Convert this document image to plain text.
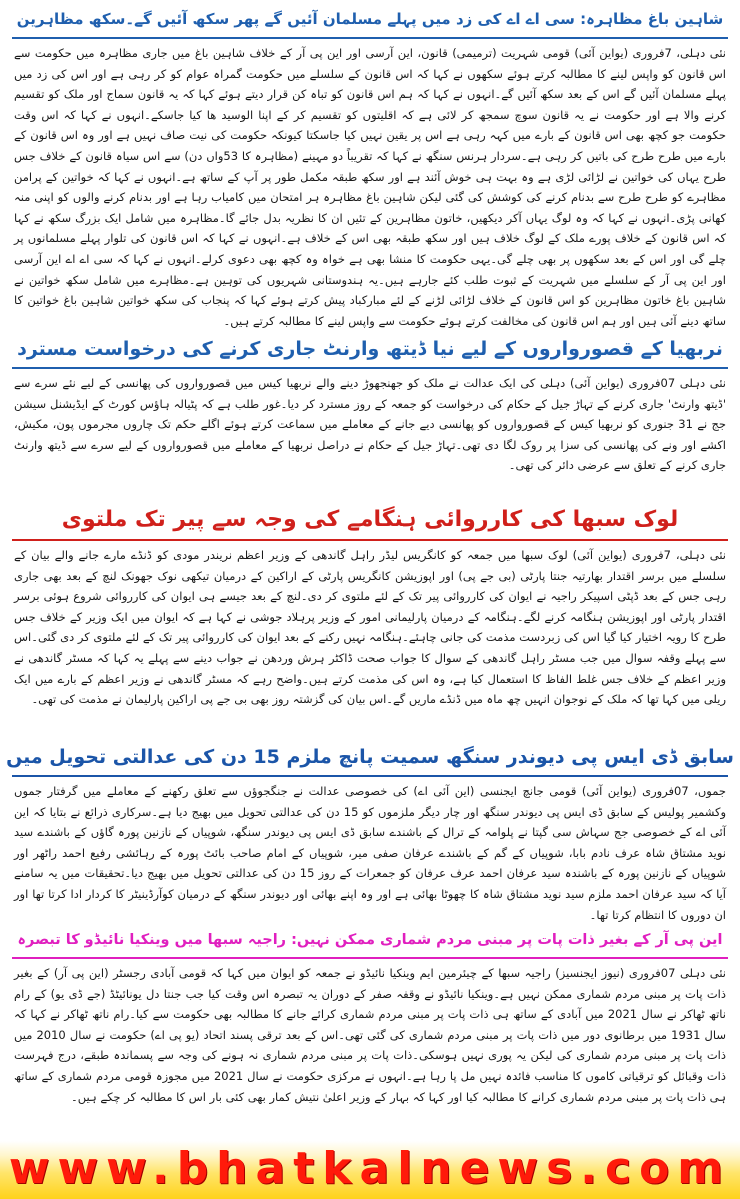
شاہین باغ مظاہرہ: سی اے اے کی زد میں پہلے مسلمان آئیں گے پھر سکھ آئیں گے۔سکھ مظاہرین
نئی دہلی، 7فروری (یواین آئی) قومی شہریت (ترمیمی) قانون، این آرسی اور این پی آر کے خلاف شاہین باغ میں جاری مظاہرہ میں حکومت سے اس قانون کو واپس لینے کا مطالبہ کرتے ہوئے سکھوں نے کہا کہ اس قانون کے سلسلے میں حکومت گمراہ عوام کو کر رہی ہے اور اس کی زد میں پہلے مسلمان آئیں گے اس کے بعد سکھ آئیں گے۔انہوں نے کہا کہ ہم اس قانون کو تباہ کن قرار دیتے ہوئے کہا کہ یہ قانون سماج اور ملک کو تقسیم کرنے والا ہے اور حکومت نے یہ قانون سوچ سمجھ کر لائی ہے کہ اقلیتوں کو تقسیم کر کے اپنا الوسید ھا کیا جاسکے۔انہوں نے کہا کہ اس وقت حکومت جو کچھ بھی اس قانون کے بارے میں کہہ رہی ہے اس پر یقین نہیں کیا جاسکتا کیونکہ حکومت کی نیت صاف نہیں ہے اور وہ اس قانون کے بارے میں طرح طرح کی باتیں کر رہی ہے۔سردار ہرنس سنگھ نے کہا کہ تقریباً دو مہینے (مظاہرہ کا 53واں دن) سے اس سیاہ قانون کے خلاف جس طرح یہاں کی خواتین نے لڑائی لڑی ہے وہ بہت ہی خوش آئند ہے اور سکھ طبقہ مکمل طور پر آپ کے ساتھ ہے۔انہوں نے کہا کہ خواتین کے پرامن مظاہرے کو طرح طرح سے بدنام کرنے کی کوشش کی گئی لیکن شاہین باغ مظاہرہ ہر امتحان میں کامیاب رہا ہے اور بدنام کرنے والوں کو اپنی منہ کھانی پڑی۔انہوں نے کہا کہ وہ لوگ یہاں آکر دیکھیں، خاتون مظاہرین کے تئیں ان کا نظریہ بدل جائے گا۔مظاہرہ میں شامل ایک بزرگ سکھ نے کہا کہ اس قانون کے خلاف پورے ملک کے لوگ خلاف ہیں اور سکھ طبقہ بھی اس کے خلاف ہے۔انہوں نے کہا کہ اس قانون کی تلوار پہلے مسلمانوں پر چلے گی اور اس کے بعد سکھوں پر بھی چلے گی۔یہی حکومت کا منشا بھی ہے خواہ وہ کچھ بھی دعوی کرلے۔انہوں نے کہا کہ سی اے اے این آرسی اور این پی آر کے سلسلے میں شہریت کے ثبوت طلب کئے جارہے ہیں۔یہ ہندوستانی شہریوں کی توہین ہے۔مظاہرے میں شامل سکھ خواتین نے شاہین باغ خاتون مظاہرین کو اس قانون کے خلاف لڑائی لڑنے کے لئے مبارکباد پیش کرتے ہوئے کہا کہ پنجاب کی سکھ خواتین شاہین باغ خواتین کا ساتھ دینے آئی ہیں اور ہم اس قانون کی مخالفت کرتے ہوئے حکومت سے واپس لینے کا مطالبہ کرتے ہیں۔
نربھیا کے قصورواروں کے لیے نیا ڈیتھ وارنٹ جاری کرنے کی درخواست مسترد
نئی دہلی 07فروری (یواین آئی) دہلی کی ایک عدالت نے ملک کو جھنجھوڑ دینے والے نربھیا کیس میں قصورواروں کی پھانسی کے لیے نئے سرے سے 'ڈیتھ وارنٹ' جاری کرنے کے تہاڑ جیل کے حکام کی درخواست کو جمعہ کے روز مسترد کر دیا۔غور طلب ہے کہ پٹیالہ ہاؤس کورٹ کے ایڈیشنل سیشن جج نے 31 جنوری کو نربھیا کیس کے قصورواروں کو پھانسی دیے جانے کے معاملے میں سماعت کرتے ہوئے اگلے حکم تک چاروں مجرموں پون، مکیش، اکشے اور ونے کی پھانسی کی سزا پر روک لگا دی تھی۔تہاڑ جیل کے حکام نے دراصل نربھیا کے معاملے میں قصورواروں کے لیے سرے سے ڈیتھ وارنٹ جاری کرنے کے تعلق سے عرضی دائر کی تھی۔
لوک سبھا کی کارروائی ہنگامے کی وجہ سے پیر تک ملتوی
نئی دہلی، 7فروری (یواین آئی) لوک سبھا میں جمعہ کو کانگریس لیڈر راہل گاندھی کے وزیر اعظم نریندر مودی کو ڈنڈے مارے جانے والے بیان کے سلسلے میں برسر اقتدار بھارتیہ جنتا پارٹی (بی جے پی) اور اپوزیشن کانگریس پارٹی کے اراکین کے درمیان تیکھی نوک جھونک لنچ کے بعد بھی جاری رہی جس کے بعد ڈپٹی اسپیکر راجیہ نے ایوان کی کارروائی پیر تک کے لئے ملتوی کر دی۔لنچ کے بعد جیسے ہی ایوان کی کارروائی شروع ہوئی برسر اقتدار پارٹی اور اپوزیشن ہنگامہ کرنے لگے۔ہنگامہ کے درمیان پارلیمانی امور کے وزیر پرہلاد جوشی نے کہا ہے کہ ایوان میں ایک وزیر کے خلاف جس طرح کا رویہ اختیار کیا گیا اس کی زبردست مذمت کی جانی چاہئے۔ہنگامہ نہیں رکنے کے بعد ایوان کی کارروائی پیر تک کے لئے ملتوی کر دی گئی۔اس سے پہلے وقفہ سوال میں جب مسٹر راہل گاندھی کے سوال کا جواب صحت ڈاکٹر ہرش وردھن نے جواب دینے سے پہلے یہ کہا کہ مسٹر گاندھی نے وزیر اعظم کے خلاف جس غلط الفاظ کا استعمال کیا ہے، وہ اس کی مذمت کرتے ہیں۔واضح رہے کہ مسٹر گاندھی نے وزیر اعظم کے بارے میں ایک ریلی میں کہا تھا کہ ملک کے نوجوان انہیں چھ ماہ میں ڈنڈے ماریں گے۔اس بیان کی گزشتہ روز بھی بی جے پی اراکین پارلیمان نے مذمت کی تھی۔
سابق ڈی ایس پی دیوندر سنگھ سمیت پانچ ملزم 15 دن کی عدالتی تحویل میں
جموں، 07فروری (یواین آئی) قومی جانچ ایجنسی (این آئی اے) کی خصوصی عدالت نے جنگجوؤں سے تعلق رکھنے کے معاملے میں گرفتار جموں وکشمیر پولیس کے سابق ڈی ایس پی دیوندر سنگھ اور چار دیگر ملزموں کو 15 دن کی عدالتی تحویل میں بھیج دیا ہے۔سرکاری ذرائع نے بتایا کہ این آئی اے کے خصوصی جج سہاش سی گپتا نے پلوامہ کے ترال کے باشندے سابق ڈی ایس پی دیوندر سنگھ، شوپیاں کے نازنین پورہ گاؤں کے باشندے سید نوید مشتاق شاہ عرف نادم بابا، شوپیاں کے گم کے باشندے عرفان صفی میر، شوپیاں کے امام صاحب بائٹ پورہ کے رہائشی رفیع احمد راٹھر اور شوپیاں کے نازنین پورہ کے باشندہ سید عرفان احمد عرف عرفان کو جمعرات کے روز 15 دن کی عدالتی تحویل میں بھیج دیا۔تحقیقات میں یہ سامنے آیا کہ سید عرفان احمد ملزم سید نوید مشتاق شاہ کا چھوٹا بھائی ہے اور وہ اپنے بھائی اور دیوندر سنگھ کے درمیان کوآرڈینیٹر کا کردار ادا کرتا تھا اور ان دوروں کا انتظام کرتا تھا۔
این پی آر کے بغیر ذات پات پر مبنی مردم شماری ممکن نہیں: راجیہ سبھا میں وینکیا نائیڈو کا تبصرہ
نئی دہلی 07فروری (نیوز ایجنسیز) راجیہ سبھا کے چیئرمین ایم وینکیا نائیڈو نے جمعہ کو ایوان میں کہا کہ قومی آبادی رجسٹر (این پی آر) کے بغیر ذات پات پر مبنی مردم شماری ممکن نہیں ہے۔وینکیا نائیڈو نے وقفہ صفر کے دوران یہ تبصرہ اس وقت کیا جب جنتا دل یونائیٹڈ (جے ڈی یو) کے رام ناتھ ٹھاکر نے سال 2021 میں آبادی کے ساتھ ہی ذات پات پر مبنی مردم شماری کرائے جانے کا مطالبہ بھی حکومت سے کیا۔رام ناتھ ٹھاکر نے کہا کہ سال 1931 میں برطانوی دور میں ذات پات پر مبنی مردم شماری کی گئی تھی۔اس کے بعد ترقی پسند اتحاد (یو پی اے) حکومت نے سال 2010 میں ذات پات پر مبنی مردم شماری کی لیکن یہ پوری نہیں ہوسکی۔ذات پات پر مبنی مردم شماری نہ ہونے کی وجہ سے پسماندہ طبقے، درج فہرست ذات وقبائل کو ترقیاتی کاموں کا مناسب فائدہ نہیں مل پا رہا ہے۔انہوں نے مرکزی حکومت نے سال 2021 میں مجوزہ قومی مردم شماری کے ساتھ ہی ذات پات پر مبنی مردم شماری کرانے کا مطالبہ کیا اور کہا کہ بہار کے وزیر اعلیٰ نتیش کمار بھی کئی بار اس کا مطالبہ کر چکے ہیں۔
www.bhatkalnews.com
